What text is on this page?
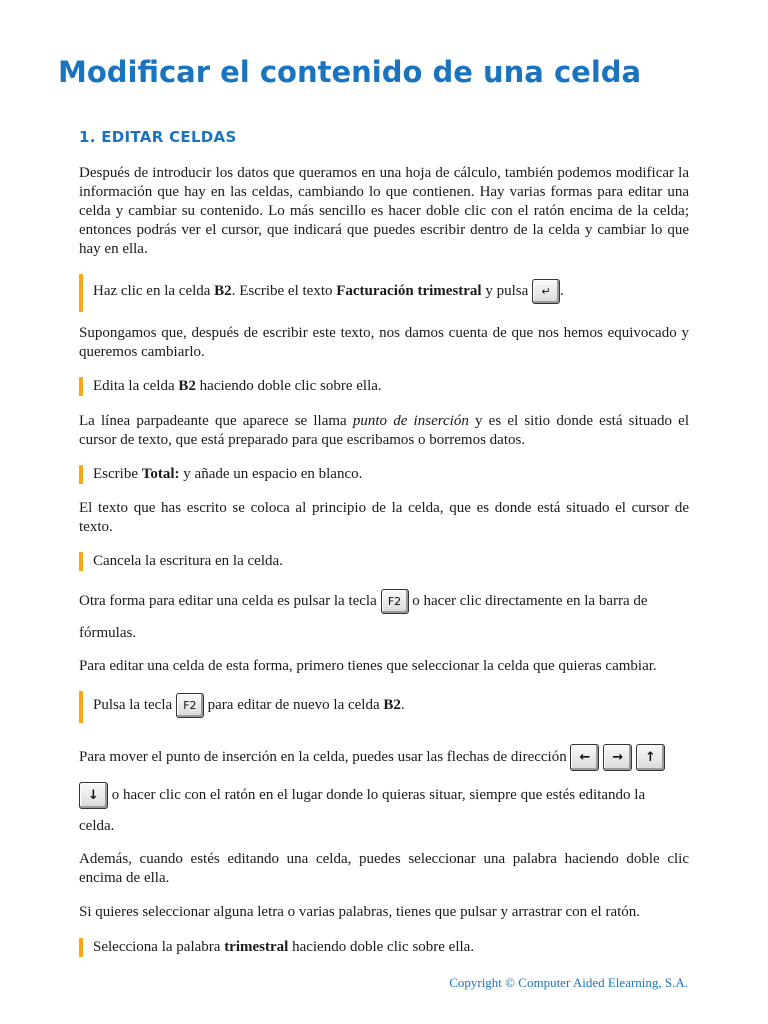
Modificar el contenido de una celda
1. EDITAR CELDAS

Después de introducir los datos que queramos en una hoja de cálculo, también podemos modificar la información que hay en las celdas, cambiando lo que contienen. Hay varias formas para editar una celda y cambiar su contenido. Lo más sencillo es hacer doble clic con el ratón encima de la celda; entonces podrás ver el cursor, que indicará que puedes escribir dentro de la celda y cambiar lo que hay en ella.

Haz clic en la celda B2. Escribe el texto Facturación trimestral y pulsa ↵ .

Supongamos que, después de escribir este texto, nos damos cuenta de que nos hemos equivocado y queremos cambiarlo.

Edita la celda B2 haciendo doble clic sobre ella.

La línea parpadeante que aparece se llama punto de inserción y es el sitio donde está situado el cursor de texto, que está preparado para que escribamos o borremos datos.

Escribe Total: y añade un espacio en blanco.

El texto que has escrito se coloca al principio de la celda, que es donde está situado el cursor de texto.

Cancela la escritura en la celda.
Otra forma para editar una celda es pulsar la tecla F2 o hacer clic directamente en la barra de
fórmulas.

Para editar una celda de esta forma, primero tienes que seleccionar la celda que quieras cambiar.

Pulsa la tecla F2 para editar de nuevo la celda B2.
Para mover el punto de inserción en la celda, puedes usar las flechas de dirección ← → ↑
↓ o hacer clic con el ratón en el lugar donde lo quieras situar, siempre que estés editando la
celda.

Además, cuando estés editando una celda, puedes seleccionar una palabra haciendo doble clic encima de ella.

Si quieres seleccionar alguna letra o varias palabras, tienes que pulsar y arrastrar con el ratón.

Selecciona la palabra trimestral haciendo doble clic sobre ella.
Copyright © Computer Aided Elearning, S.A.
